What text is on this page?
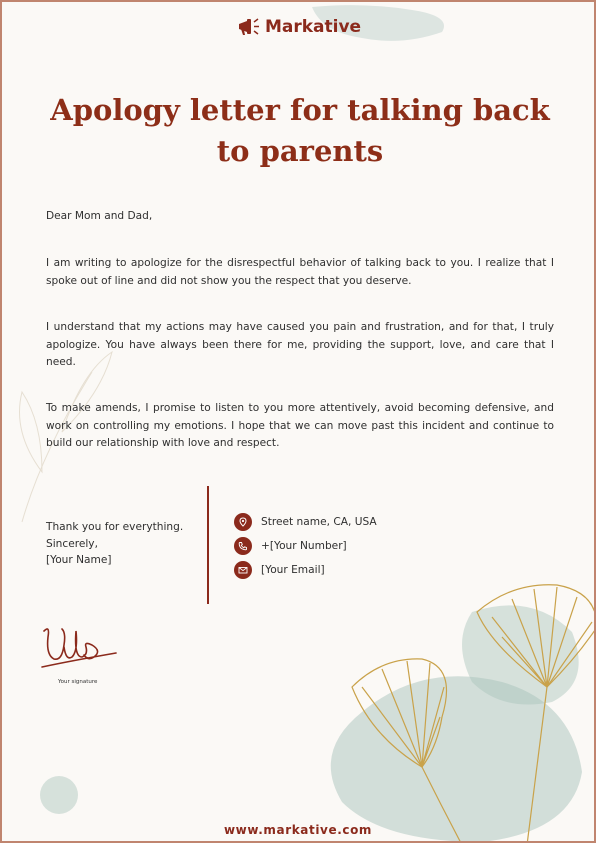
Markative
Apology letter for talking back to parents
Dear Mom and Dad,
I am writing to apologize for the disrespectful behavior of talking back to you. I realize that I spoke out of line and did not show you the respect that you deserve.
I understand that my actions may have caused you pain and frustration, and for that, I truly apologize. You have always been there for me, providing the support, love, and care that I need.
To make amends, I promise to listen to you more attentively, avoid becoming defensive, and work on controlling my emotions. I hope that we can move past this incident and continue to build our relationship with love and respect.
Thank you for everything.
Sincerely,
[Your Name]
Street name, CA, USA
+[Your Number]
[Your Email]
Your signature
www.markative.com
